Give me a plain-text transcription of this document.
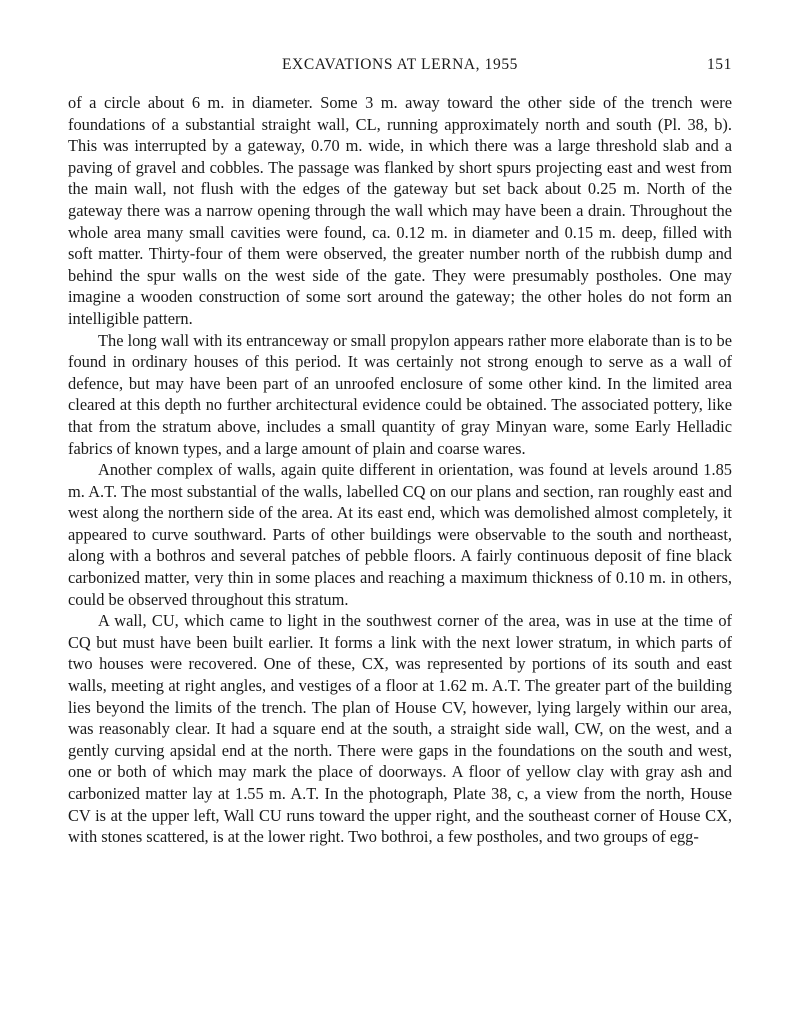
EXCAVATIONS AT LERNA, 1955	151

of a circle about 6 m. in diameter. Some 3 m. away toward the other side of the trench were foundations of a substantial straight wall, CL, running approximately north and south (Pl. 38, b). This was interrupted by a gateway, 0.70 m. wide, in which there was a large threshold slab and a paving of gravel and cobbles. The passage was flanked by short spurs projecting east and west from the main wall, not flush with the edges of the gateway but set back about 0.25 m. North of the gateway there was a narrow opening through the wall which may have been a drain. Throughout the whole area many small cavities were found, ca. 0.12 m. in diameter and 0.15 m. deep, filled with soft matter. Thirty-four of them were observed, the greater number north of the rubbish dump and behind the spur walls on the west side of the gate. They were presumably postholes. One may imagine a wooden construction of some sort around the gateway; the other holes do not form an intelligible pattern.

The long wall with its entranceway or small propylon appears rather more elaborate than is to be found in ordinary houses of this period. It was certainly not strong enough to serve as a wall of defence, but may have been part of an unroofed enclosure of some other kind. In the limited area cleared at this depth no further architectural evidence could be obtained. The associated pottery, like that from the stratum above, includes a small quantity of gray Minyan ware, some Early Helladic fabrics of known types, and a large amount of plain and coarse wares.

Another complex of walls, again quite different in orientation, was found at levels around 1.85 m. A.T. The most substantial of the walls, labelled CQ on our plans and section, ran roughly east and west along the northern side of the area. At its east end, which was demolished almost completely, it appeared to curve southward. Parts of other buildings were observable to the south and northeast, along with a bothros and several patches of pebble floors. A fairly continuous deposit of fine black carbonized matter, very thin in some places and reaching a maximum thickness of 0.10 m. in others, could be observed throughout this stratum.

A wall, CU, which came to light in the southwest corner of the area, was in use at the time of CQ but must have been built earlier. It forms a link with the next lower stratum, in which parts of two houses were recovered. One of these, CX, was represented by portions of its south and east walls, meeting at right angles, and vestiges of a floor at 1.62 m. A.T. The greater part of the building lies beyond the limits of the trench. The plan of House CV, however, lying largely within our area, was reasonably clear. It had a square end at the south, a straight side wall, CW, on the west, and a gently curving apsidal end at the north. There were gaps in the foundations on the south and west, one or both of which may mark the place of doorways. A floor of yellow clay with gray ash and carbonized matter lay at 1.55 m. A.T. In the photograph, Plate 38, c, a view from the north, House CV is at the upper left, Wall CU runs toward the upper right, and the southeast corner of House CX, with stones scattered, is at the lower right. Two bothroi, a few postholes, and two groups of egg-
